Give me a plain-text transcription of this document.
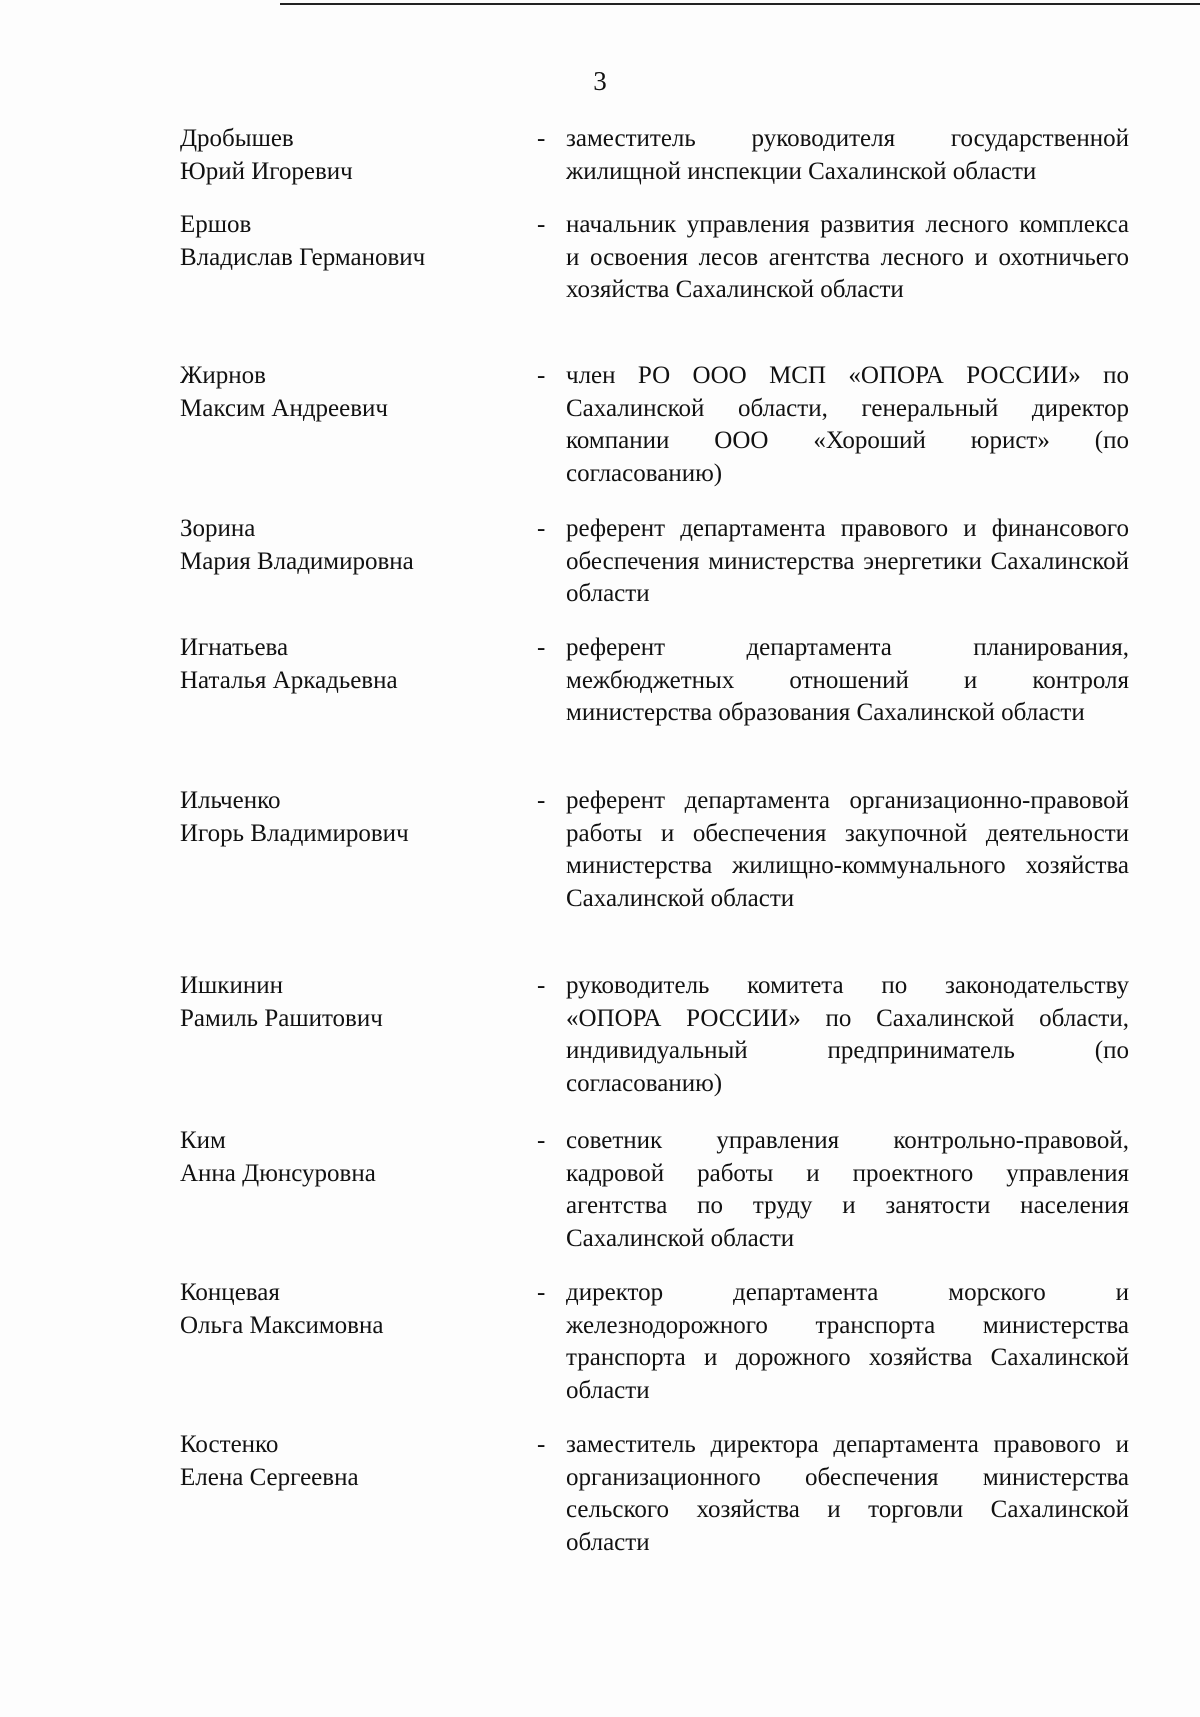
3
Дробышев
Юрий Игоревич
- заместитель руководителя государственной жилищной инспекции Сахалинской области
Ершов
Владислав Германович
- начальник управления развития лесного комплекса и освоения лесов агентства лесного и охотничьего хозяйства Сахалинской области
Жирнов
Максим Андреевич
- член РО ООО МСП «ОПОРА РОССИИ» по Сахалинской области, генеральный директор компании ООО «Хороший юрист» (по согласованию)
Зорина
Мария Владимировна
- референт департамента правового и финансового обеспечения министерства энергетики Сахалинской области
Игнатьева
Наталья Аркадьевна
- референт департамента планирования, межбюджетных отношений и контроля министерства образования Сахалинской области
Ильченко
Игорь Владимирович
- референт департамента организационно-правовой работы и обеспечения закупочной деятельности министерства жилищно-коммунального хозяйства Сахалинской области
Ишкинин
Рамиль Рашитович
- руководитель комитета по законодательству «ОПОРА РОССИИ» по Сахалинской области, индивидуальный предприниматель (по согласованию)
Ким
Анна Дюнсуровна
- советник управления контрольно-правовой, кадровой работы и проектного управления агентства по труду и занятости населения Сахалинской области
Концевая
Ольга Максимовна
- директор департамента морского и железнодорожного транспорта министерства транспорта и дорожного хозяйства Сахалинской области
Костенко
Елена Сергеевна
- заместитель директора департамента правового и организационного обеспечения министерства сельского хозяйства и торговли Сахалинской области
